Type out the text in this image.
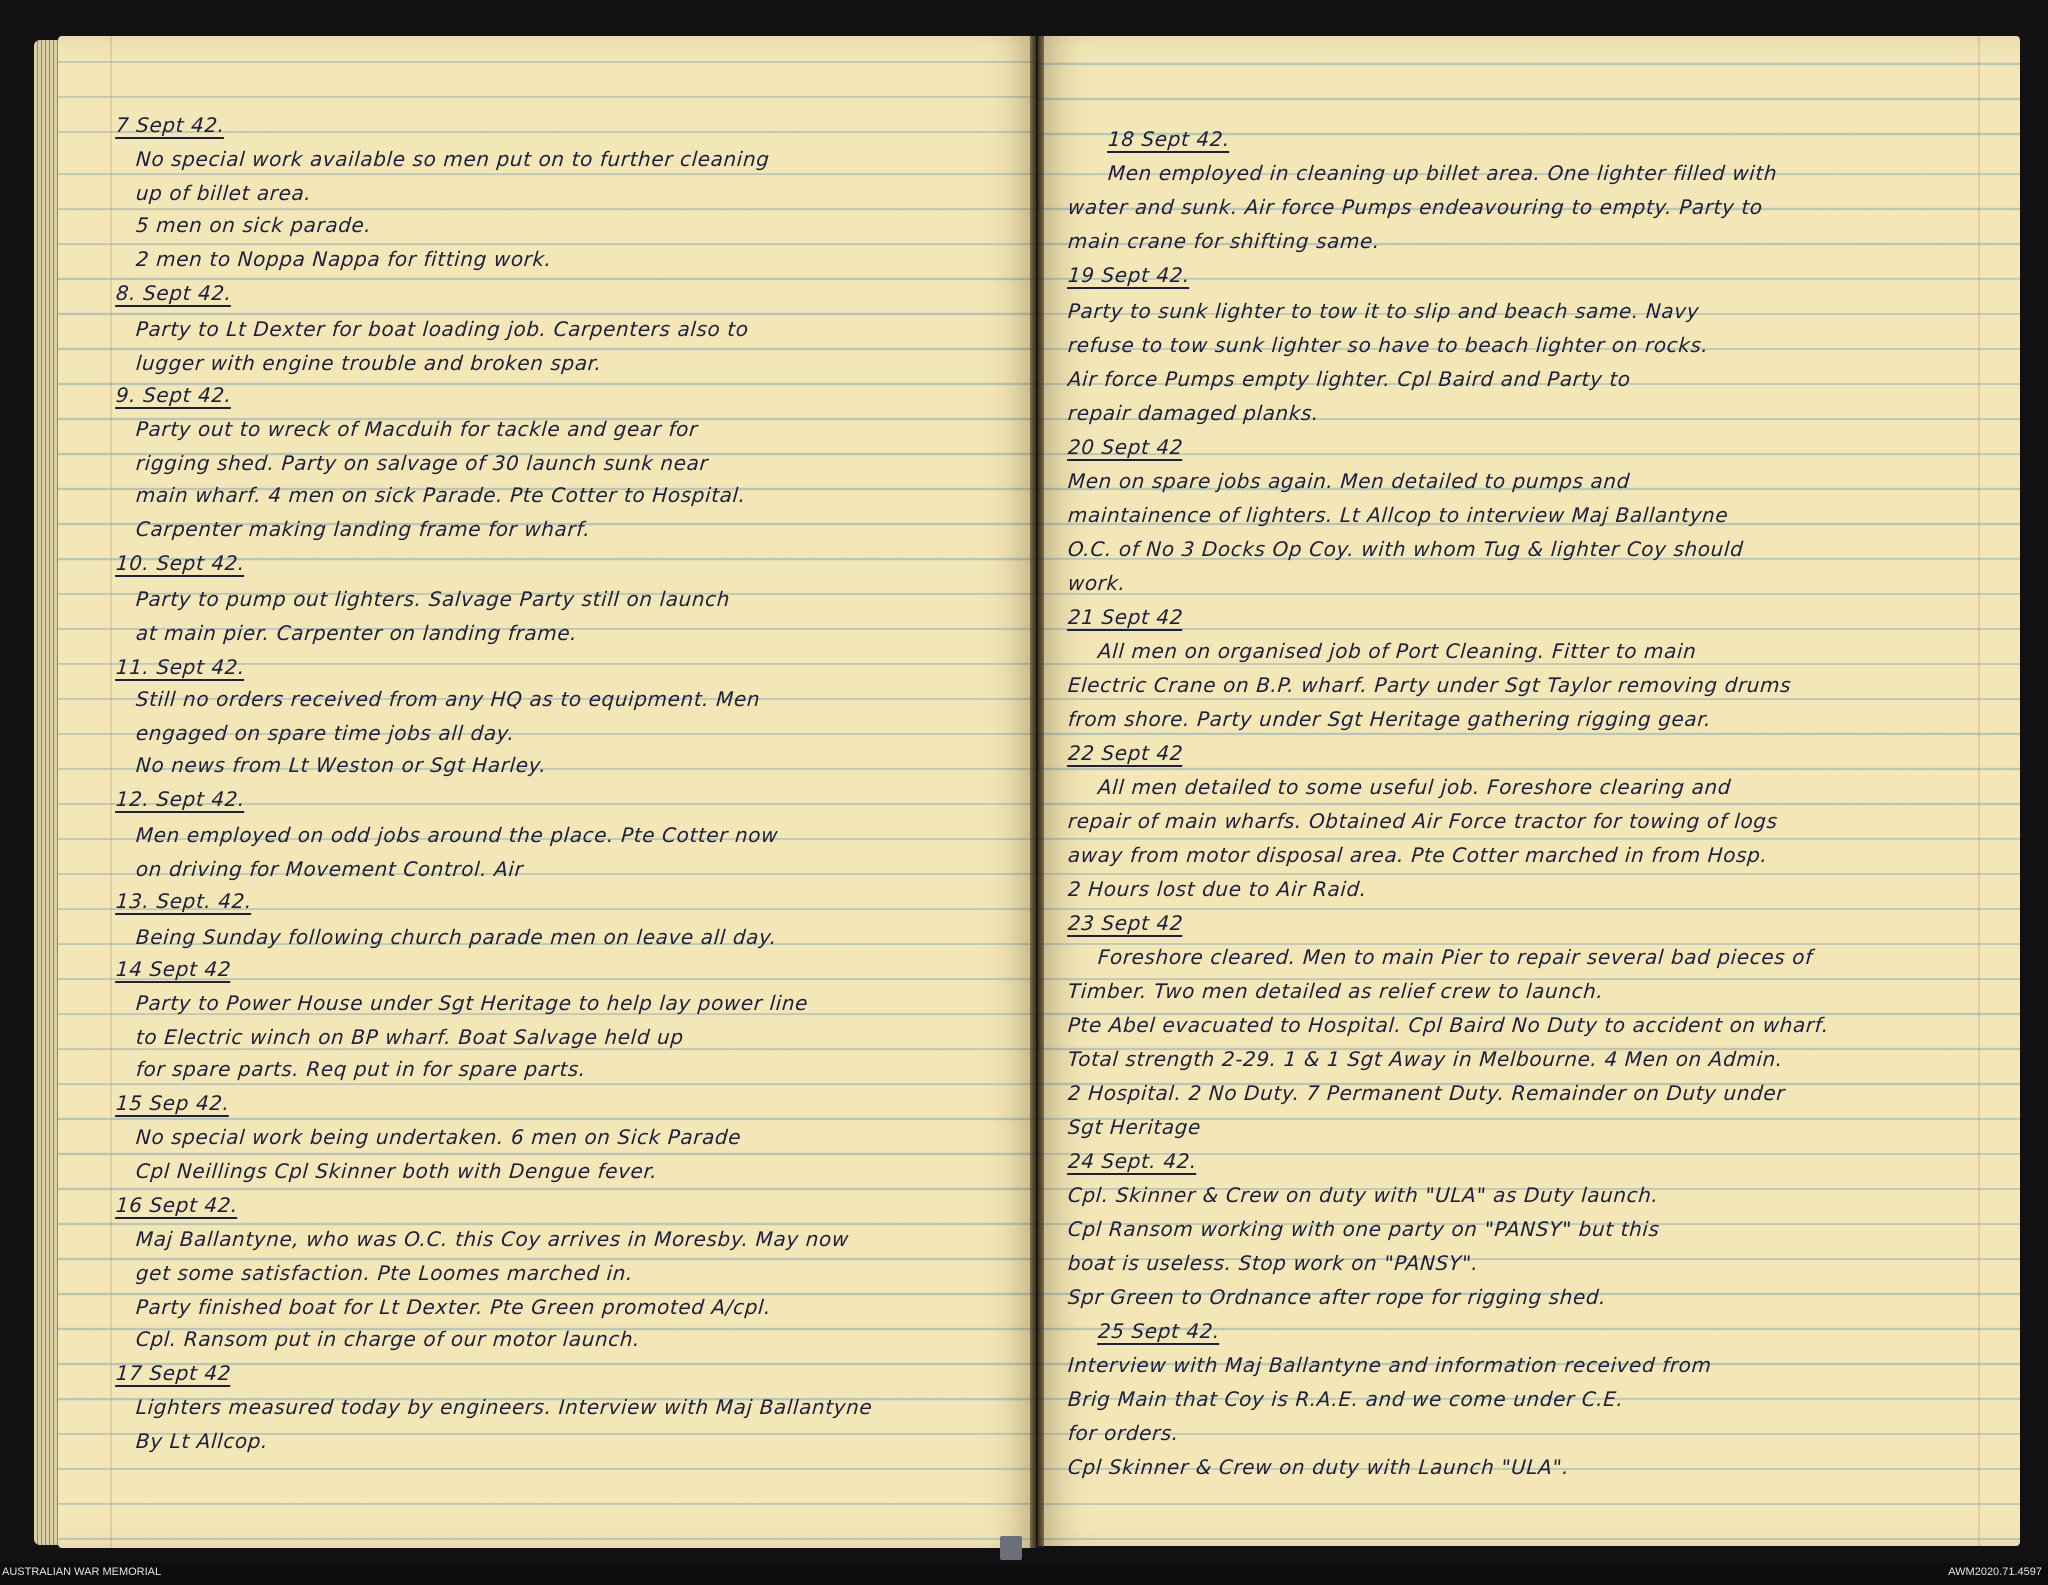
7 Sept 42.
No special work available so men put on to further cleaning
up of billet area.
5 men on sick parade.
2 men to Noppa Nappa for fitting work.
8. Sept 42.
Party to Lt Dexter for boat loading job. Carpenters also to
lugger with engine trouble and broken spar.
9. Sept 42.
Party out to wreck of Macduih for tackle and gear for
rigging shed. Party on salvage of 30 launch sunk near
main wharf. 4 men on sick Parade. Pte Cotter to Hospital.
Carpenter making landing frame for wharf.
10. Sept 42.
Party to pump out lighters. Salvage Party still on launch
at main pier. Carpenter on landing frame.
11. Sept 42.
Still no orders received from any HQ as to equipment. Men
engaged on spare time jobs all day.
No news from Lt Weston or Sgt Harley.
12. Sept 42.
Men employed on odd jobs around the place. Pte Cotter now
on driving for Movement Control. Air
13. Sept. 42.
Being Sunday following church parade men on leave all day.
14 Sept 42
Party to Power House under Sgt Heritage to help lay power line
to Electric winch on BP wharf. Boat Salvage held up
for spare parts. Req put in for spare parts.
15 Sep 42.
No special work being undertaken. 6 men on Sick Parade
Cpl Neillings Cpl Skinner both with Dengue fever.
16 Sept 42.
Maj Ballantyne, who was O.C. this Coy arrives in Moresby. May now
get some satisfaction. Pte Loomes marched in.
Party finished boat for Lt Dexter. Pte Green promoted A/cpl.
Cpl. Ransom put in charge of our motor launch.
17 Sept 42
Lighters measured today by engineers. Interview with Maj Ballantyne
By Lt Allcop.
18 Sept 42.
Men employed in cleaning up billet area. One lighter filled with
water and sunk. Air force Pumps endeavouring to empty. Party to
main crane for shifting same.
19 Sept 42.
Party to sunk lighter to tow it to slip and beach same. Navy
refuse to tow sunk lighter so have to beach lighter on rocks.
Air force Pumps empty lighter. Cpl Baird and Party to
repair damaged planks.
20 Sept 42
Men on spare jobs again. Men detailed to pumps and
maintainence of lighters. Lt Allcop to interview Maj Ballantyne
O.C. of No 3 Docks Op Coy. with whom Tug & lighter Coy should
work.
21 Sept 42
All men on organised job of Port Cleaning. Fitter to main
Electric Crane on B.P. wharf. Party under Sgt Taylor removing drums
from shore. Party under Sgt Heritage gathering rigging gear.
22 Sept 42
All men detailed to some useful job. Foreshore clearing and
repair of main wharfs. Obtained Air Force tractor for towing of logs
away from motor disposal area. Pte Cotter marched in from Hosp.
2 Hours lost due to Air Raid.
23 Sept 42
Foreshore cleared. Men to main Pier to repair several bad pieces of
Timber. Two men detailed as relief crew to launch.
Pte Abel evacuated to Hospital. Cpl Baird No Duty to accident on wharf.
Total strength 2-29. 1 & 1 Sgt Away in Melbourne. 4 Men on Admin.
2 Hospital. 2 No Duty. 7 Permanent Duty. Remainder on Duty under
Sgt Heritage
24 Sept. 42.
Cpl. Skinner & Crew on duty with "ULA" as Duty launch.
Cpl Ransom working with one party on "PANSY" but this
boat is useless. Stop work on "PANSY".
Spr Green to Ordnance after rope for rigging shed.
25 Sept 42.
Interview with Maj Ballantyne and information received from
Brig Main that Coy is R.A.E. and we come under C.E.
for orders.
Cpl Skinner & Crew on duty with Launch "ULA".
AUSTRALIAN WAR MEMORIAL	AWM2020.71.4597
